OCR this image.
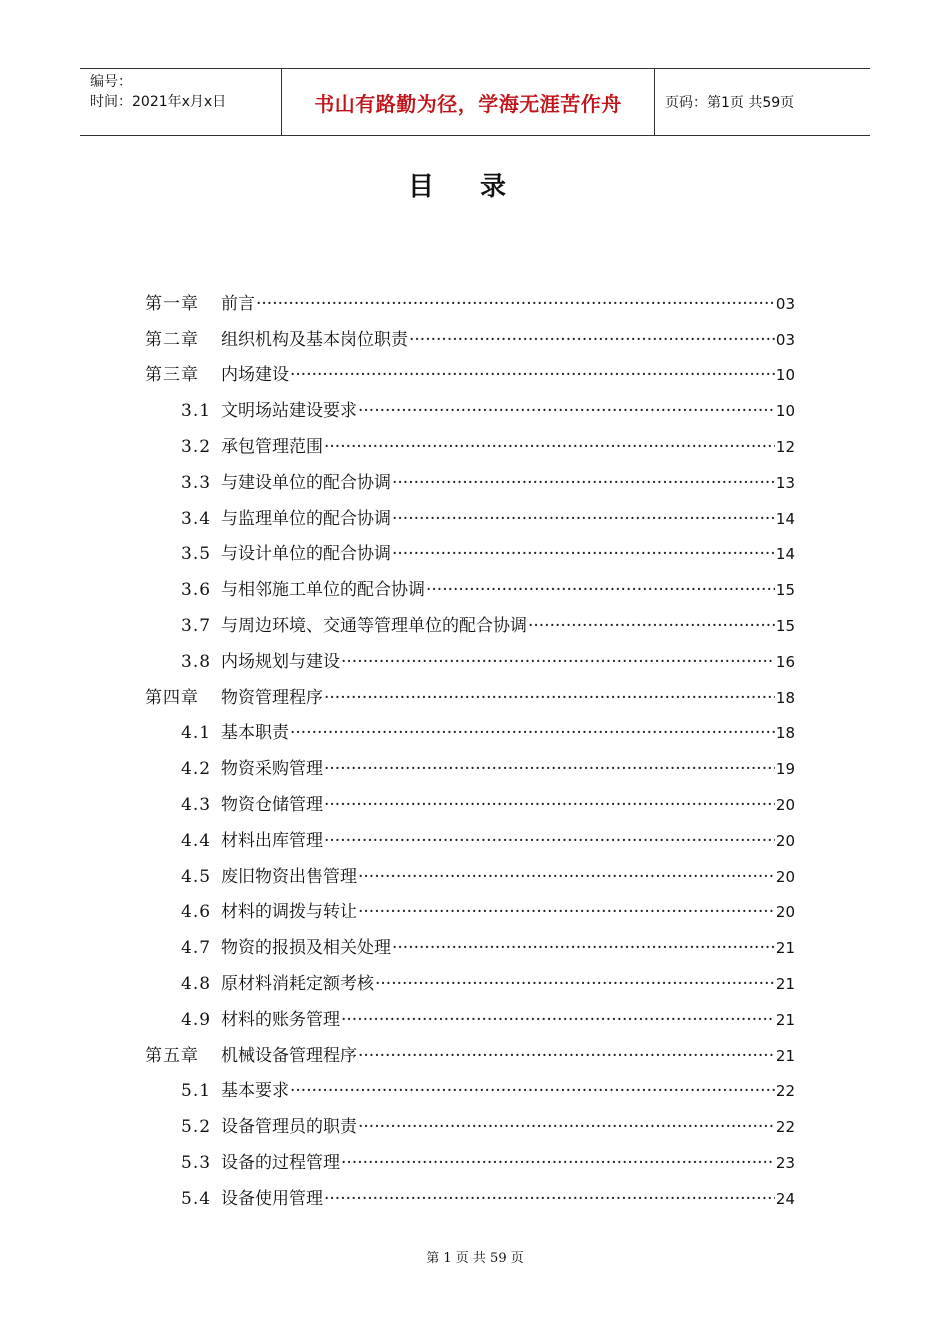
编号：
时间：2021年x月x日	书山有路勤为径，学海无涯苦作舟	页码：第1页 共59页
目录
第一章	前言 ·····	03
第二章	组织机构及基本岗位职责 ·····	03
第三章	内场建设 ·····	10
3.1 文明场站建设要求 ·····	10
3.2 承包管理范围 ·····	12
3.3 与建设单位的配合协调 ·····	13
3.4 与监理单位的配合协调 ·····	14
3.5 与设计单位的配合协调 ·····	14
3.6 与相邻施工单位的配合协调 ·····	15
3.7 与周边环境、交通等管理单位的配合协调 ·····	15
3.8 内场规划与建设 ·····	16
第四章	物资管理程序 ·····	18
4.1 基本职责 ·····	18
4.2 物资采购管理 ·····	19
4.3 物资仓储管理 ·····	20
4.4 材料出库管理 ·····	20
4.5 废旧物资出售管理 ·····	20
4.6 材料的调拨与转让 ·····	20
4.7 物资的报损及相关处理 ·····	21
4.8 原材料消耗定额考核 ·····	21
4.9 材料的账务管理 ·····	21
第五章	机械设备管理程序 ·····	21
5.1 基本要求 ·····	22
5.2 设备管理员的职责 ·····	22
5.3 设备的过程管理 ·····	23
5.4 设备使用管理 ·····	24
第 1 页 共 59 页
